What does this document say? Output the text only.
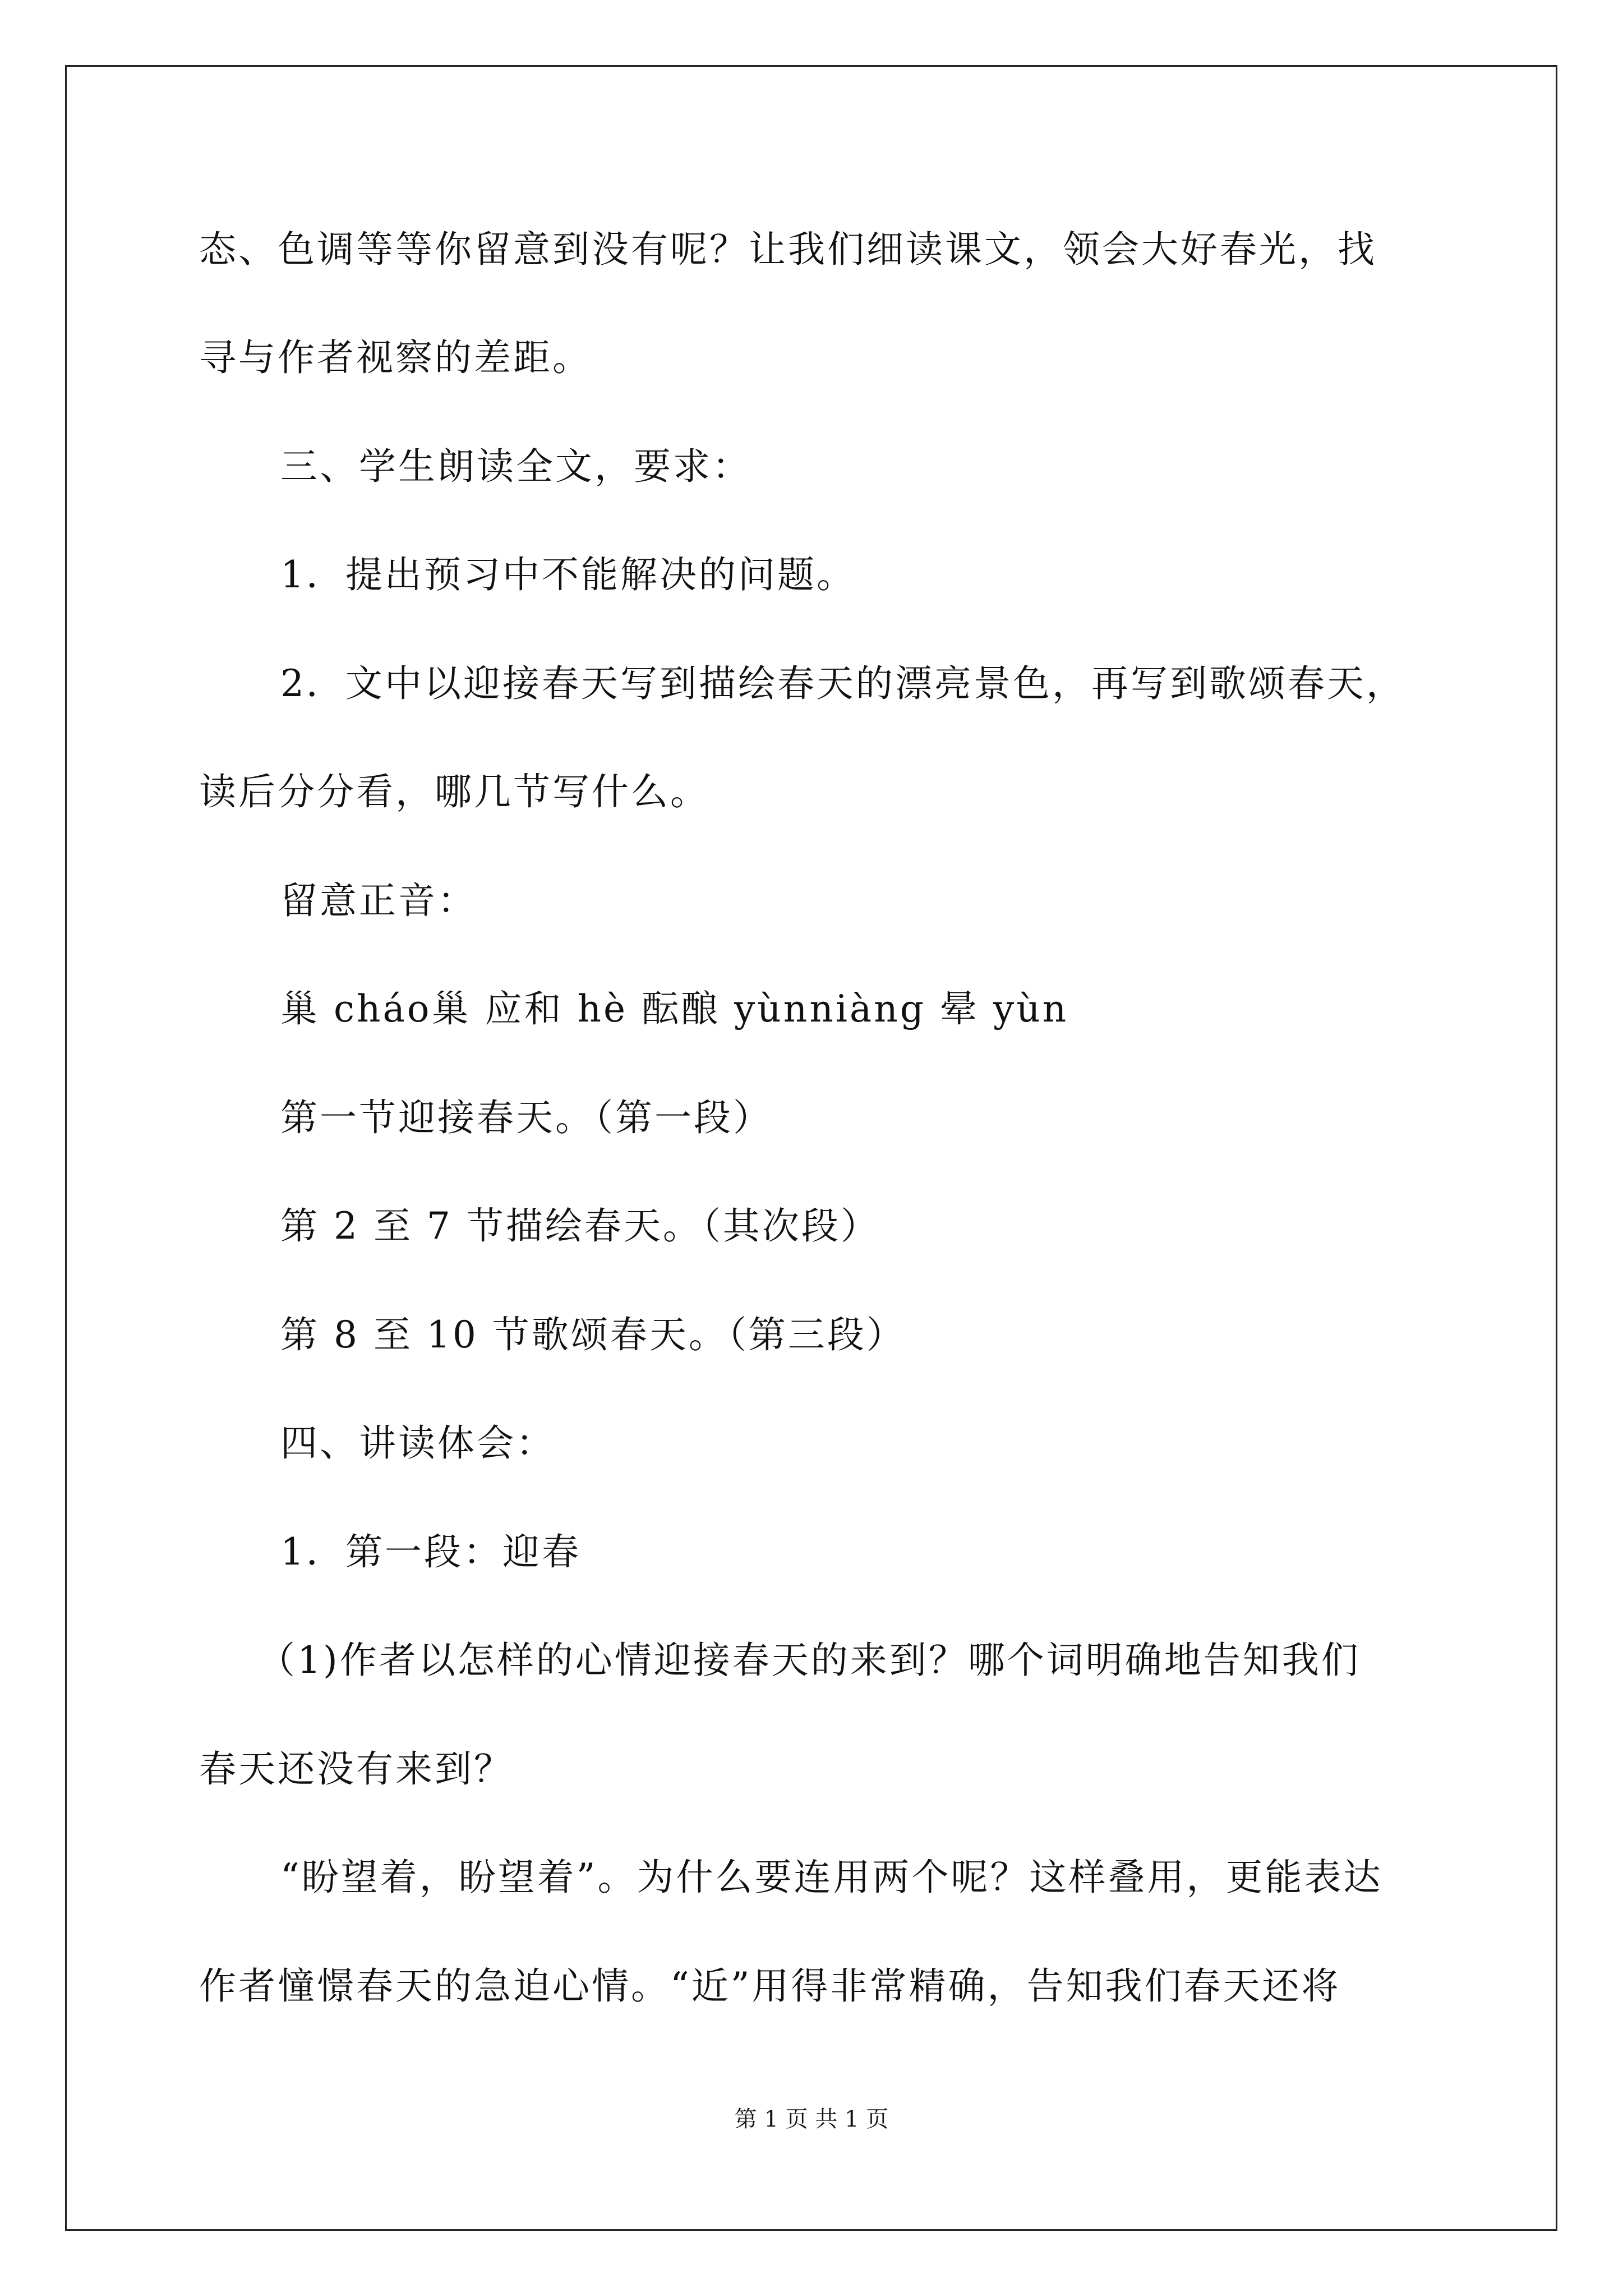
态、色调等等你留意到没有呢？让我们细读课文，领会大好春光，找
寻与作者视察的差距。
三、学生朗读全文，要求：
1．提出预习中不能解决的问题。
2．文中以迎接春天写到描绘春天的漂亮景色，再写到歌颂春天，
读后分分看，哪几节写什么。
留意正音：
巢 cháo巢 应和 hè 酝酿 yùnniàng 晕 yùn
第一节迎接春天。（第一段）
第 2 至 7 节描绘春天。（其次段）
第 8 至 10 节歌颂春天。（第三段）
四、讲读体会：
1．第一段：迎春
（1)作者以怎样的心情迎接春天的来到？哪个词明确地告知我们
春天还没有来到？
“盼望着，盼望着”。为什么要连用两个呢？这样叠用，更能表达
作者憧憬春天的急迫心情。“近”用得非常精确，告知我们春天还将
第 1 页 共 1 页
